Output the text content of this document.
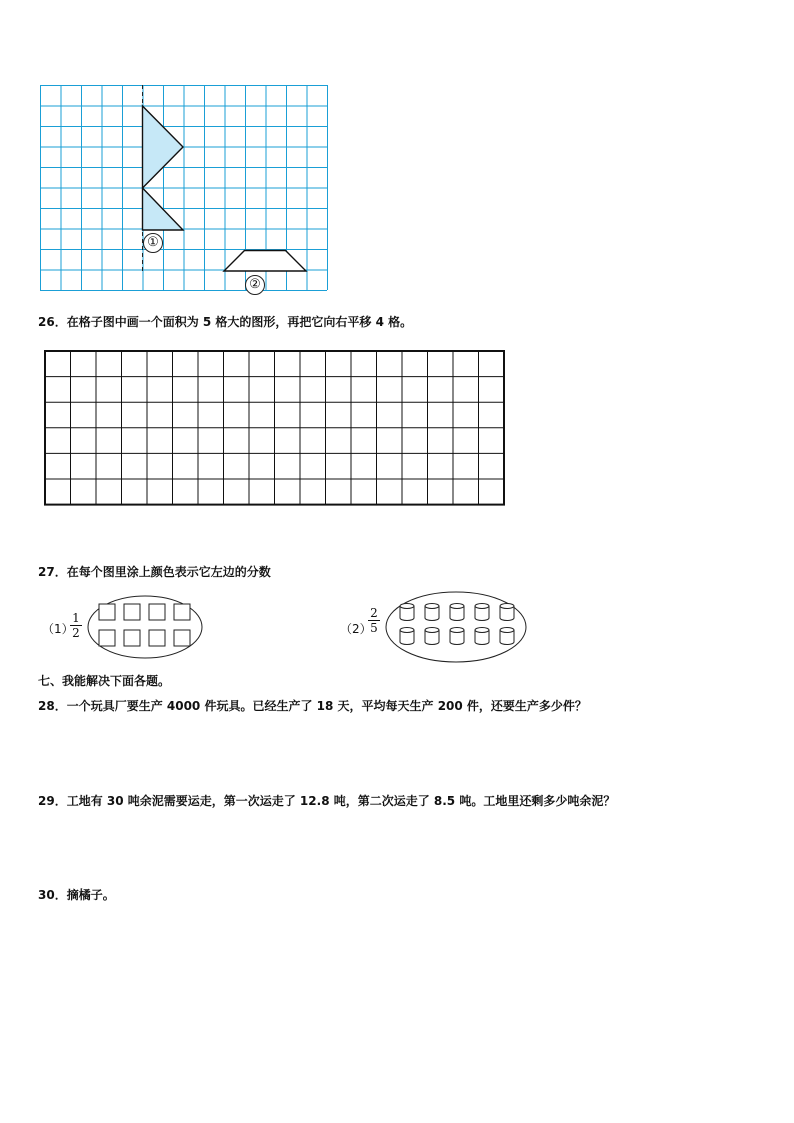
①
②
26．在格子图中画一个面积为 5 格大的图形，再把它向右平移 4 格。
27．在每个图里涂上颜色表示它左边的分数
（1）
1
2	（2）
2
5
七、我能解决下面各题。
28．一个玩具厂要生产 4000 件玩具。已经生产了 18 天，平均每天生产 200 件，还要生产多少件？
29．工地有 30 吨余泥需要运走，第一次运走了 12.8 吨，第二次运走了 8.5 吨。工地里还剩多少吨余泥？
30．摘橘子。
